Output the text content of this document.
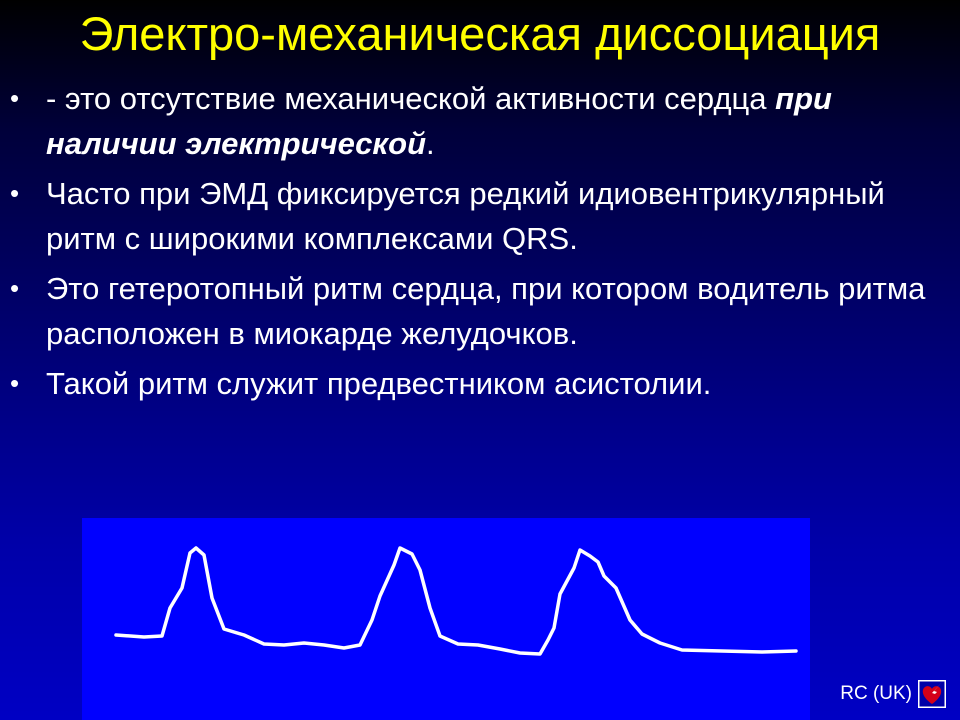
Электро-механическая диссоциация
• - это отсутствие механической активности сердца при наличии электрической.
• Часто при ЭМД фиксируется редкий идиовентрикулярный ритм с широкими комплексами QRS.
• Это гетеротопный ритм сердца, при котором водитель ритма расположен в миокарде желудочков.
• Такой ритм служит предвестником асистолии.
RC (UK)
